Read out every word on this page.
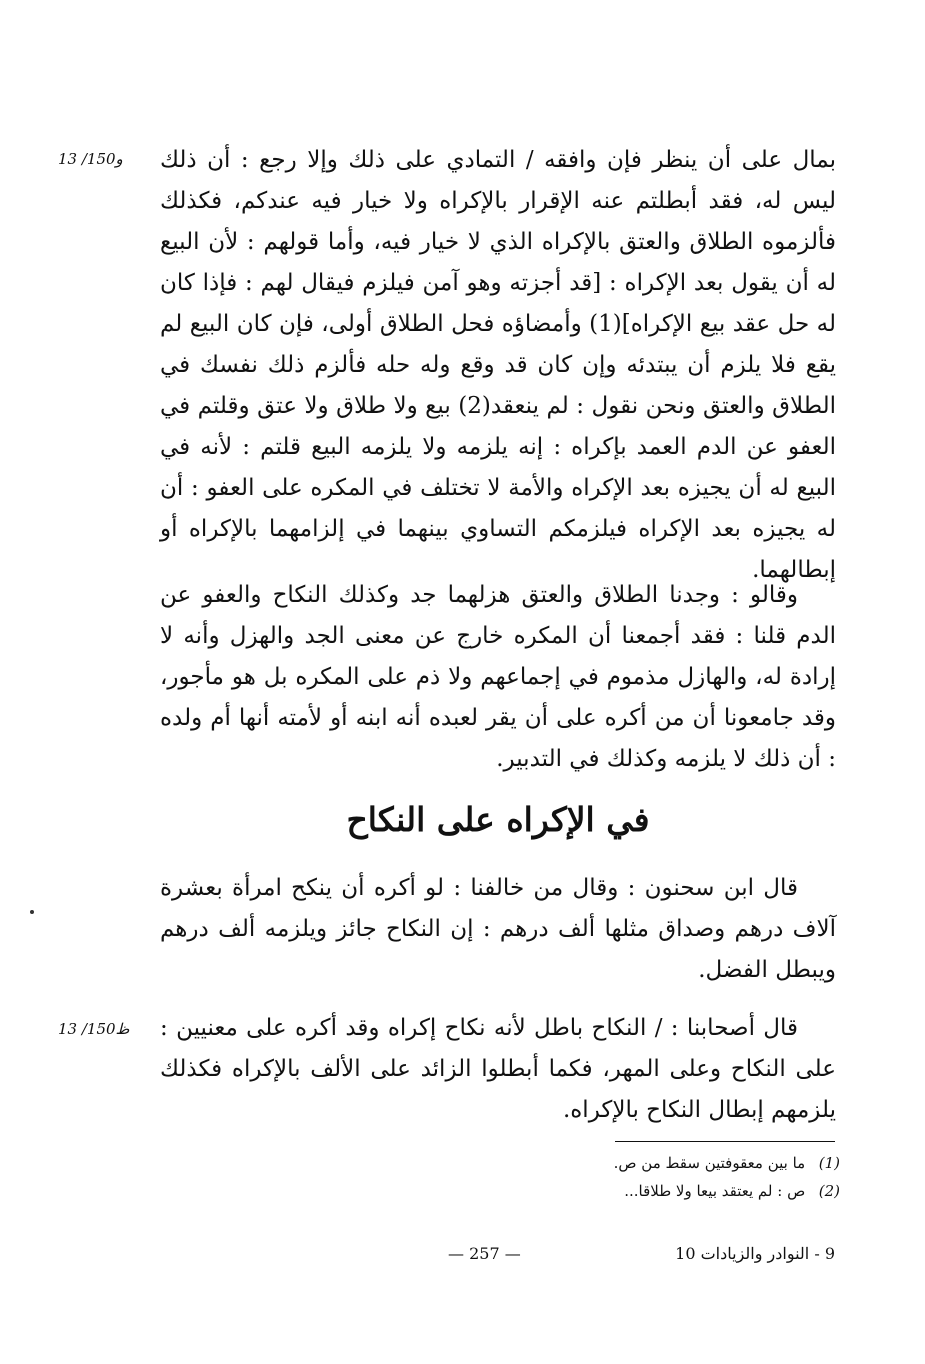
13 /150و
13 /150ظ

بمال على أن ينظر فإن وافقه / التمادي على ذلك وإلا رجع : أن ذلك ليس له، فقد أبطلتم عنه الإقرار بالإكراه ولا خيار فيه عندكم، فكذلك فألزموه الطلاق والعتق بالإكراه الذي لا خيار فيه، وأما قولهم : لأن البيع له أن يقول بعد الإكراه : [قد أجزته وهو آمن فيلزم فيقال لهم : فإذا كان له حل عقد بيع الإكراه](1) وأمضاؤه فحل الطلاق أولى، فإن كان البيع لم يقع فلا يلزم أن يبتدئه وإن كان قد وقع وله حله فألزم ذلك نفسك في الطلاق والعتق ونحن نقول : لم ينعقد(2) بيع ولا طلاق ولا عتق وقلتم في العفو عن الدم العمد بإكراه : إنه يلزمه ولا يلزمه البيع قلتم : لأنه في البيع له أن يجيزه بعد الإكراه والأمة لا تختلف في المكره على العفو : أن له يجيزه بعد الإكراه فيلزمكم التساوي بينهما في إلزامهما بالإكراه أو إبطالهما.

وقالو : وجدنا الطلاق والعتق هزلهما جد وكذلك النكاح والعفو عن الدم قلنا : فقد أجمعنا أن المكره خارج عن معنى الجد والهزل وأنه لا إرادة له، والهازل مذموم في إجماعهم ولا ذم على المكره بل هو مأجور، وقد جامعونا أن من أكره على أن يقر لعبده أنه ابنه أو لأمته أنها أم ولده : أن ذلك لا يلزمه وكذلك في التدبير.

في الإكراه على النكاح

قال ابن سحنون : وقال من خالفنا : لو أكره أن ينكح امرأة بعشرة آلاف درهم وصداق مثلها ألف درهم : إن النكاح جائز ويلزمه ألف درهم ويبطل الفضل.

قال أصحابنا : / النكاح باطل لأنه نكاح إكراه وقد أكره على معنيين : على النكاح وعلى المهر، فكما أبطلوا الزائد على الألف بالإكراه فكذلك يلزمهم إبطال النكاح بالإكراه.

(1) ما بين معقوفتين سقط من ص.
(2) ص : لم يعتقد بيعا ولا طلاقا...
— 257 —	9 - النوادر والزيادات 10
